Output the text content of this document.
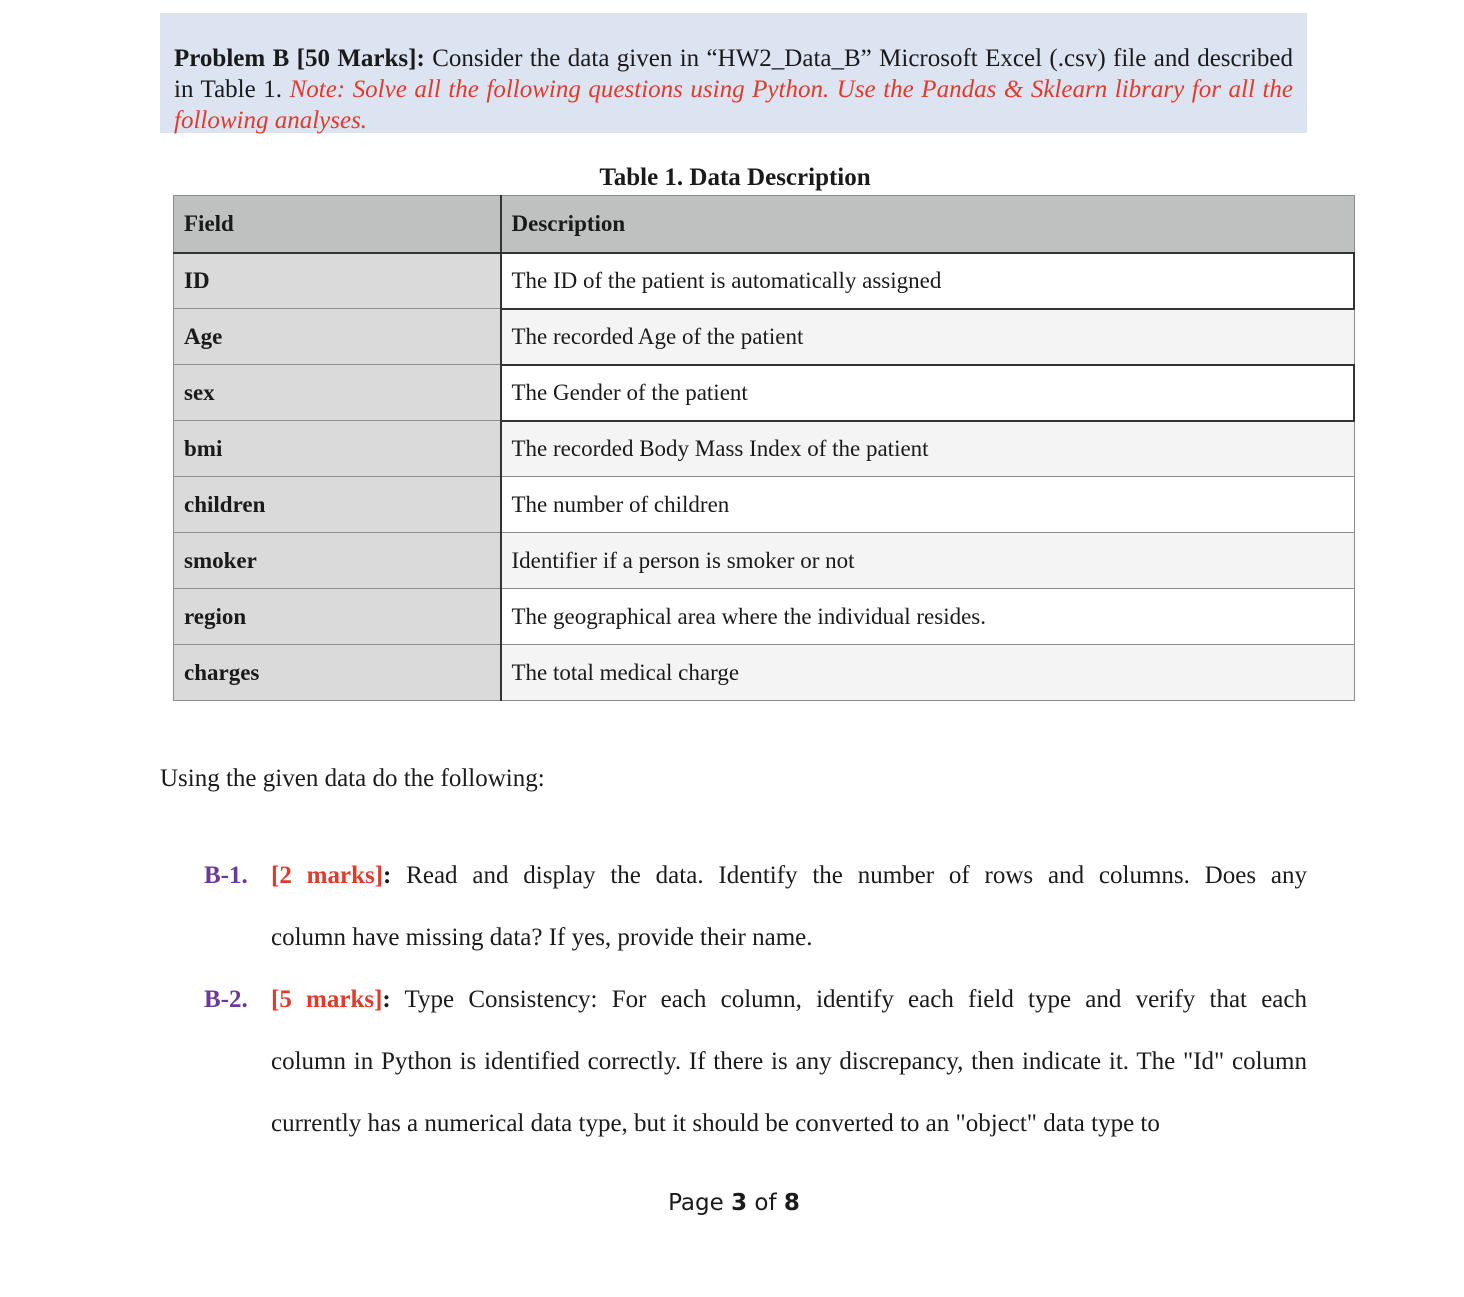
Problem B [50 Marks]: Consider the data given in “HW2_Data_B” Microsoft Excel (.csv) file and described in Table 1. Note: Solve all the following questions using Python. Use the Pandas & Sklearn library for all the following analyses.
Table 1. Data Description
Field	Description
ID	The ID of the patient is automatically assigned
Age	The recorded Age of the patient
sex	The Gender of the patient
bmi	The recorded Body Mass Index of the patient
children	The number of children
smoker	Identifier if a person is smoker or not
region	The geographical area where the individual resides.
charges	The total medical charge
Using the given data do the following:
B-1. [2 marks]: Read and display the data. Identify the number of rows and columns. Does any
column have missing data? If yes, provide their name.
B-2. [5 marks]: Type Consistency: For each column, identify each field type and verify that each
column in Python is identified correctly. If there is any discrepancy, then indicate it. The "Id" column currently has a numerical data type, but it should be converted to an "object" data type to
Page 3 of 8
